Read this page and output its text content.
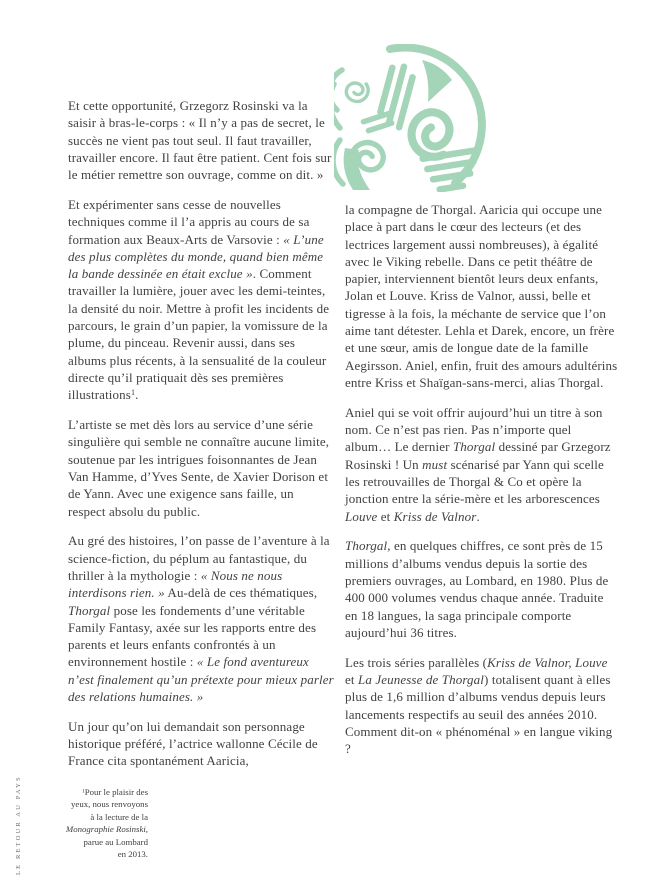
LE RETOUR AU PAYS

Et cette opportunité, Grzegorz Rosinski va la saisir à bras-le-corps : « Il n’y a pas de secret, le succès ne vient pas tout seul. Il faut travailler, travailler encore. Il faut être patient. Cent fois sur le métier remettre son ouvrage, comme on dit. »

Et expérimenter sans cesse de nouvelles techniques comme il l’a appris au cours de sa formation aux Beaux-Arts de Varsovie : « L’une des plus complètes du monde, quand bien même la bande dessinée en était exclue ». Comment travailler la lumière, jouer avec les demi-teintes, la densité du noir. Mettre à profit les incidents de parcours, le grain d’un papier, la vomissure de la plume, du pinceau. Revenir aussi, dans ses albums plus récents, à la sensualité de la couleur directe qu’il pratiquait dès ses premières illustrations$^1$.

L’artiste se met dès lors au service d’une série singulière qui semble ne connaître aucune limite, soutenue par les intrigues foisonnantes de Jean Van Hamme, d’Yves Sente, de Xavier Dorison et de Yann. Avec une exigence sans faille, un respect absolu du public.

Au gré des histoires, l’on passe de l’aventure à la science-fiction, du péplum au fantastique, du thriller à la mythologie : « Nous ne nous interdisons rien. » Au-delà de ces thématiques, Thorgal pose les fondements d’une véritable Family Fantasy, axée sur les rapports entre des parents et leurs enfants confrontés à un environnement hostile : « Le fond aventureux n’est finalement qu’un prétexte pour mieux parler des relations humaines. »

Un jour qu’on lui demandait son personnage historique préféré, l’actrice wallonne Cécile de France cita spontanément Aaricia,

la compagne de Thorgal. Aaricia qui occupe une place à part dans le cœur des lecteurs (et des lectrices largement aussi nombreuses), à égalité avec le Viking rebelle. Dans ce petit théâtre de papier, interviennent bientôt leurs deux enfants, Jolan et Louve. Kriss de Valnor, aussi, belle et tigresse à la fois, la méchante de service que l’on aime tant détester. Lehla et Darek, encore, un frère et une sœur, amis de longue date de la famille Aegirsson. Aniel, enfin, fruit des amours adultérins entre Kriss et Shaïgan-sans-merci, alias Thorgal.

Aniel qui se voit offrir aujourd’hui un titre à son nom. Ce n’est pas rien. Pas n’importe quel album… Le dernier Thorgal dessiné par Grzegorz Rosinski ! Un must scénarisé par Yann qui scelle les retrouvailles de Thorgal & Co et opère la jonction entre la série-mère et les arborescences Louve et Kriss de Valnor.

Thorgal, en quelques chiffres, ce sont près de 15 millions d’albums vendus depuis la sortie des premiers ouvrages, au Lombard, en 1980. Plus de 400 000 volumes vendus chaque année. Traduite en 18 langues, la saga principale comporte aujourd’hui 36 titres.

Les trois séries parallèles (Kriss de Valnor, Louve et La Jeunesse de Thorgal) totalisent quant à elles plus de 1,6 million d’albums vendus depuis leurs lancements respectifs au seuil des années 2010. Comment dit-on « phénoménal » en langue viking ?

$^1$Pour le plaisir des
yeux, nous renvoyons
à la lecture de la
Monographie Rosinski,
parue au Lombard
en 2013.
